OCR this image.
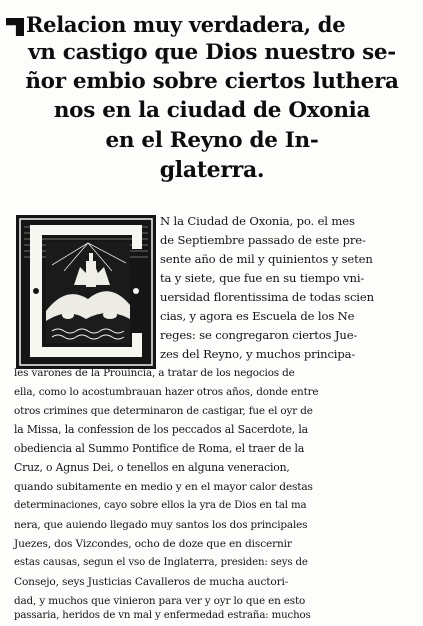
Relacion muy verdadera, de
vn castigo que Dios nuestro se-
ñor embio sobre ciertos luthera
nos en la ciudad de Oxonia
en el Reyno de In-
glaterra.
N la Ciudad de Oxonia, po. el mes
de Septiembre passado de este pre-
sente año de mil y quinientos y seten
ta y siete, que fue en su tiempo vni-
uersidad florentissima de todas scien
cias, y agora es Escuela de los Ne
reges: se congregaron ciertos Jue-
zes del Reyno, y muchos principa-
les varones de la Prouincia, a tratar de los negocios de
ella, como lo acostumbrauan hazer otros años, donde entre
otros crimines que determinaron de castigar, fue el oyr de
la Missa, la confession de los peccados al Sacerdote, la
obediencia al Summo Pontifice de Roma, el traer de la
Cruz, o Agnus Dei, o tenellos en alguna veneracion,
quando subitamente en medio y en el mayor calor destas
determinaciones, cayo sobre ellos la yra de Dios en tal ma
nera, que auiendo llegado muy santos los dos principales
Juezes, dos Vizcondes, ocho de doze que en discernir
estas causas, segun el vso de Inglaterra, presiden: seys de
Consejo, seys Justicias Cavalleros de mucha auctori-
dad, y muchos que vinieron para ver y oyr lo que en esto
passaria, heridos de vn mal y enfermedad estraña: muchos
